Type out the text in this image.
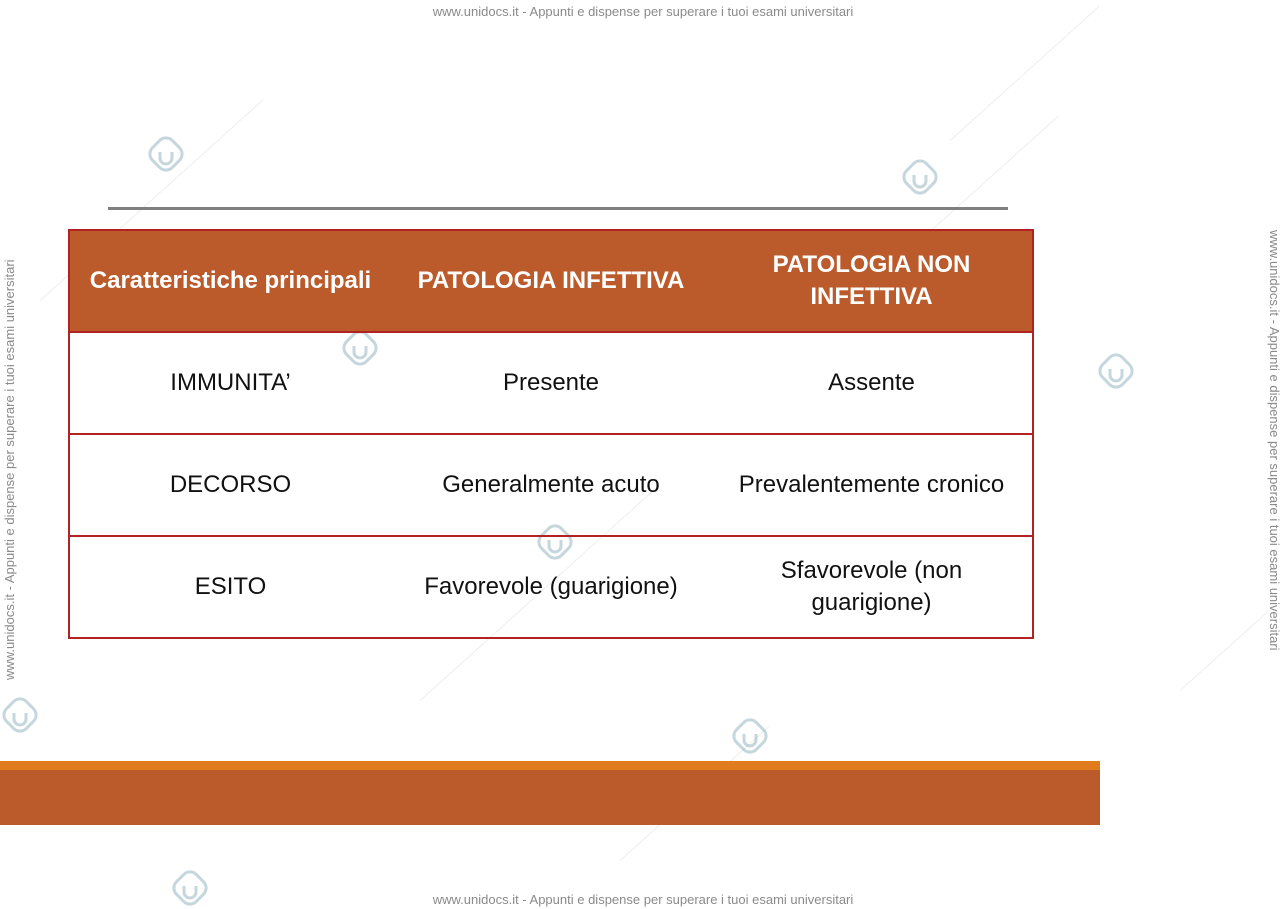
www.unidocs.it - Appunti e dispense per superare i tuoi esami universitari
www.unidocs.it - Appunti e dispense per superare i tuoi esami universitari
www.unidocs.it - Appunti e dispense per superare i tuoi esami universitari	www.unidocs.it - Appunti e dispense per superare i tuoi esami universitari
Caratteristiche principali	PATOLOGIA INFETTIVA	PATOLOGIA NON INFETTIVA
IMMUNITA’	Presente	Assente
DECORSO	Generalmente acuto	Prevalentemente cronico
ESITO	Favorevole (guarigione)	Sfavorevole (non guarigione)
